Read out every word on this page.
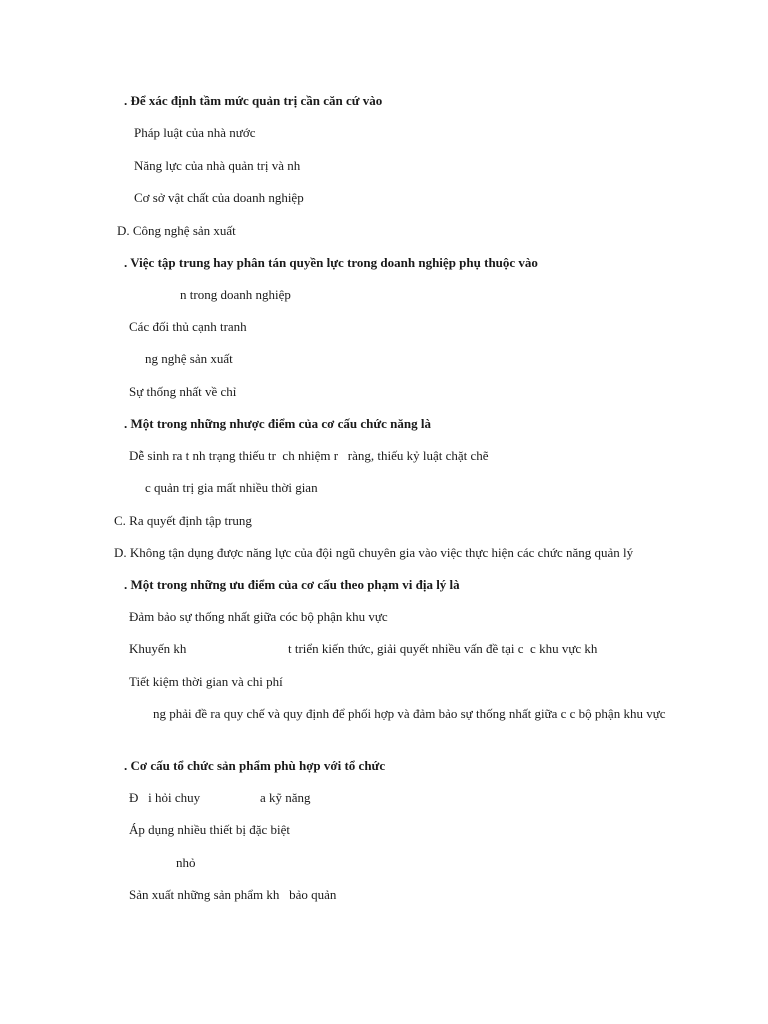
. Để xác định tầm mức quản trị cần căn cứ vào
Pháp luật của nhà nước
Năng lực của nhà quản trị và nh
Cơ sở vật chất của doanh nghiệp
D. Công nghệ sản xuất
. Việc tập trung hay phân tán quyền lực trong doanh nghiệp phụ thuộc vào
n trong doanh nghiệp
Các đối thủ cạnh tranh
ng nghệ sản xuất
Sự thống nhất về chỉ
. Một trong những nhược điểm của cơ cấu chức năng là
Dễ sinh ra t nh trạng thiếu tr  ch nhiệm r   ràng, thiếu kỷ luật chặt chẽ
c quản trị gia mất nhiều thời gian
C. Ra quyết định tập trung
D. Không tận dụng được năng lực của đội ngũ chuyên gia vào việc thực hiện các chức năng quản lý
. Một trong những ưu điểm của cơ cấu theo phạm vi địa lý là
Đảm bảo sự thống nhất giữa cóc bộ phận khu vực
Khuyến kh	t triển kiến thức, giải quyết nhiều vấn đề tại c  c khu vực kh
Tiết kiệm thời gian và chi phí
ng phải đề ra quy chế và quy định để phối hợp và đảm bảo sự thống nhất giữa c c bộ phận khu vực
. Cơ cấu tổ chức sản phẩm phù hợp với tổ chức
Đ   i hỏi chuy	a kỹ năng
Áp dụng nhiều thiết bị đặc biệt
nhỏ
Sản xuất những sản phẩm kh   bảo quản
